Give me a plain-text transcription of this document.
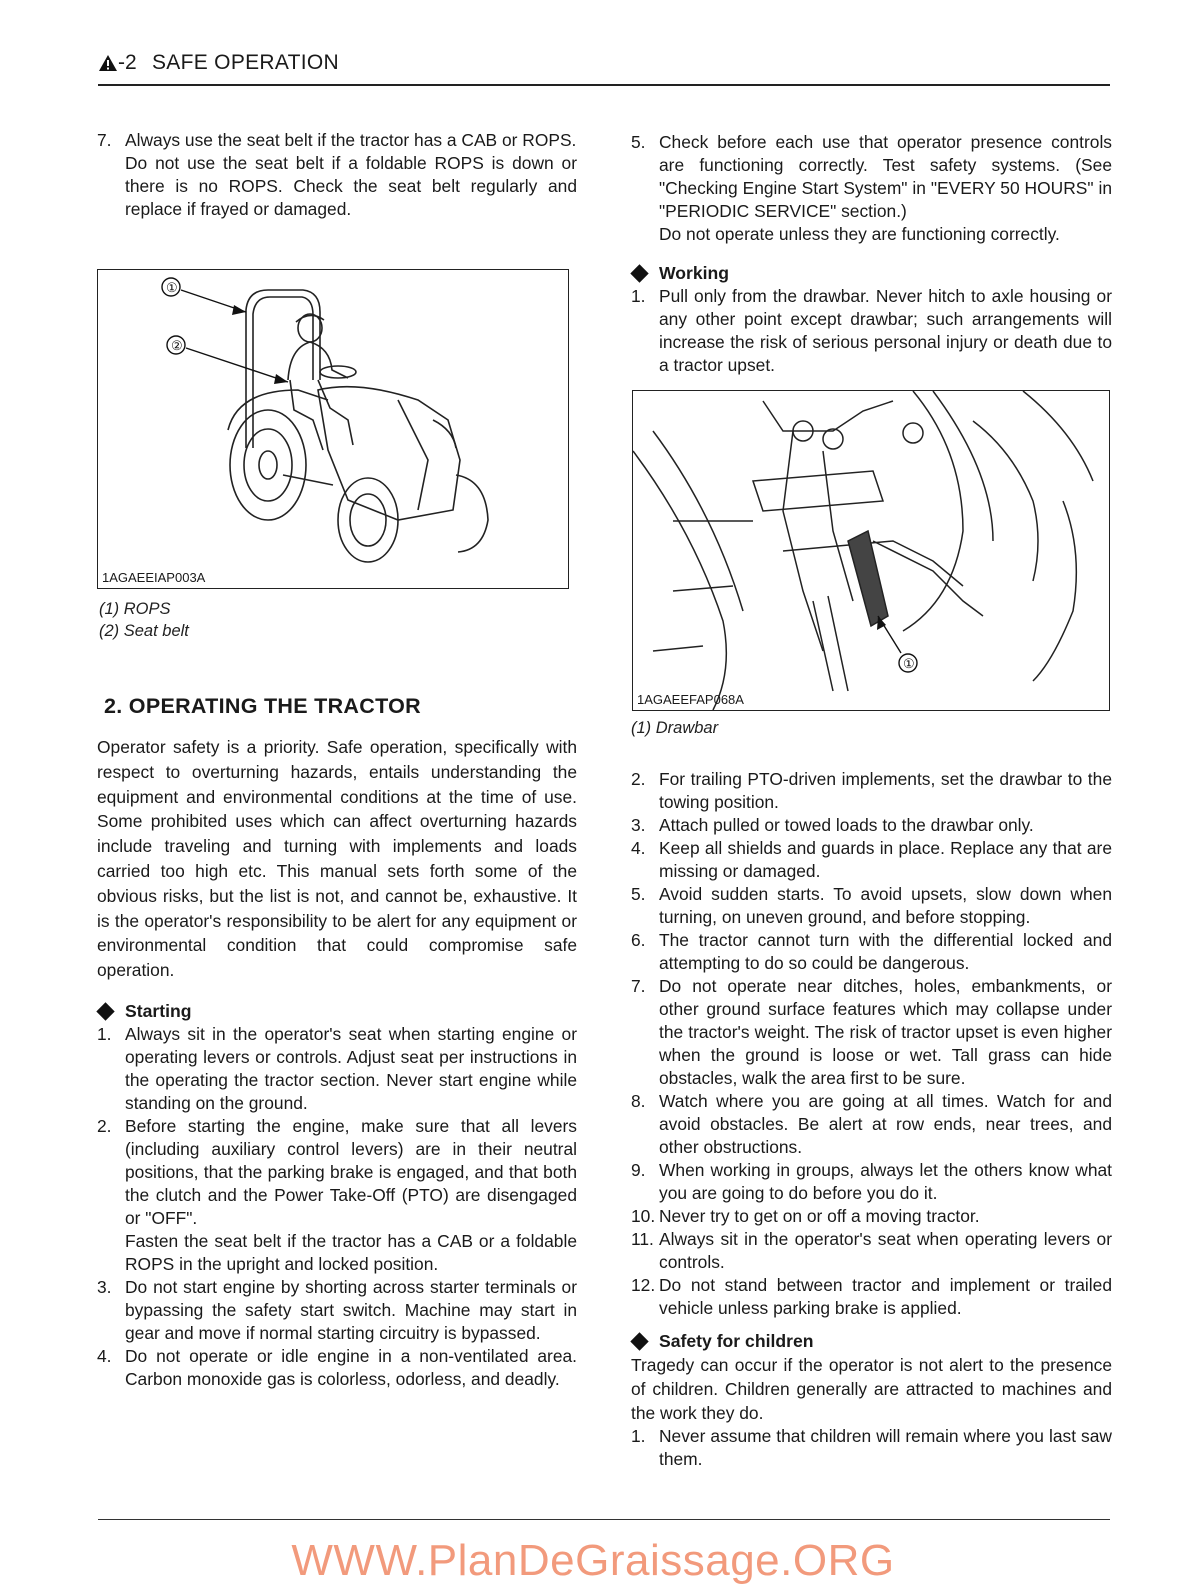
-2 SAFE OPERATION
7. Always use the seat belt if the tractor has a CAB or ROPS.

Do not use the seat belt if a foldable ROPS is down or there is no ROPS. Check the seat belt regularly and replace if frayed or damaged.

①
②
1AGAEEIAP003A
(1) ROPS
(2) Seat belt
2. OPERATING THE TRACTOR

Operator safety is a priority. Safe operation, specifically with respect to overturning hazards, entails understanding the equipment and environmental conditions at the time of use. Some prohibited uses which can affect overturning hazards include traveling and turning with implements and loads carried too high etc. This manual sets forth some of the obvious risks, but the list is not, and cannot be, exhaustive. It is the operator's responsibility to be alert for any equipment or environmental condition that could compromise safe operation.

Starting

1. Always sit in the operator's seat when starting engine or operating levers or controls. Adjust seat per instructions in the operating the tractor section. Never start engine while standing on the ground.

2. Before starting the engine, make sure that all levers (including auxiliary control levers) are in their neutral positions, that the parking brake is engaged, and that both the clutch and the Power Take-Off (PTO) are disengaged or "OFF".

Fasten the seat belt if the tractor has a CAB or a foldable ROPS in the upright and locked position.

3. Do not start engine by shorting across starter terminals or bypassing the safety start switch. Machine may start in gear and move if normal starting circuitry is bypassed.

4. Do not operate or idle engine in a non-ventilated area. Carbon monoxide gas is colorless, odorless, and deadly.

5. Check before each use that operator presence controls are functioning correctly. Test safety systems. (See "Checking Engine Start System" in "EVERY 50 HOURS" in "PERIODIC SERVICE" section.)

Do not operate unless they are functioning correctly.

Working

1. Pull only from the drawbar. Never hitch to axle housing or any other point except drawbar; such arrangements will increase the risk of serious personal injury or death due to a tractor upset.

①
1AGAEEFAP068A
(1) Drawbar
2. For trailing PTO-driven implements, set the drawbar to the towing position.

3. Attach pulled or towed loads to the drawbar only.

4. Keep all shields and guards in place. Replace any that are missing or damaged.

5. Avoid sudden starts. To avoid upsets, slow down when turning, on uneven ground, and before stopping.

6. The tractor cannot turn with the differential locked and attempting to do so could be dangerous.

7. Do not operate near ditches, holes, embankments, or other ground surface features which may collapse under the tractor's weight. The risk of tractor upset is even higher when the ground is loose or wet. Tall grass can hide obstacles, walk the area first to be sure.

8. Watch where you are going at all times. Watch for and avoid obstacles. Be alert at row ends, near trees, and other obstructions.

9. When working in groups, always let the others know what you are going to do before you do it.

10. Never try to get on or off a moving tractor.

11. Always sit in the operator's seat when operating levers or controls.

12. Do not stand between tractor and implement or trailed vehicle unless parking brake is applied.

Safety for children

Tragedy can occur if the operator is not alert to the presence of children. Children generally are attracted to machines and the work they do.

1. Never assume that children will remain where you last saw them.

WWW.PlanDeGraissage.ORG
